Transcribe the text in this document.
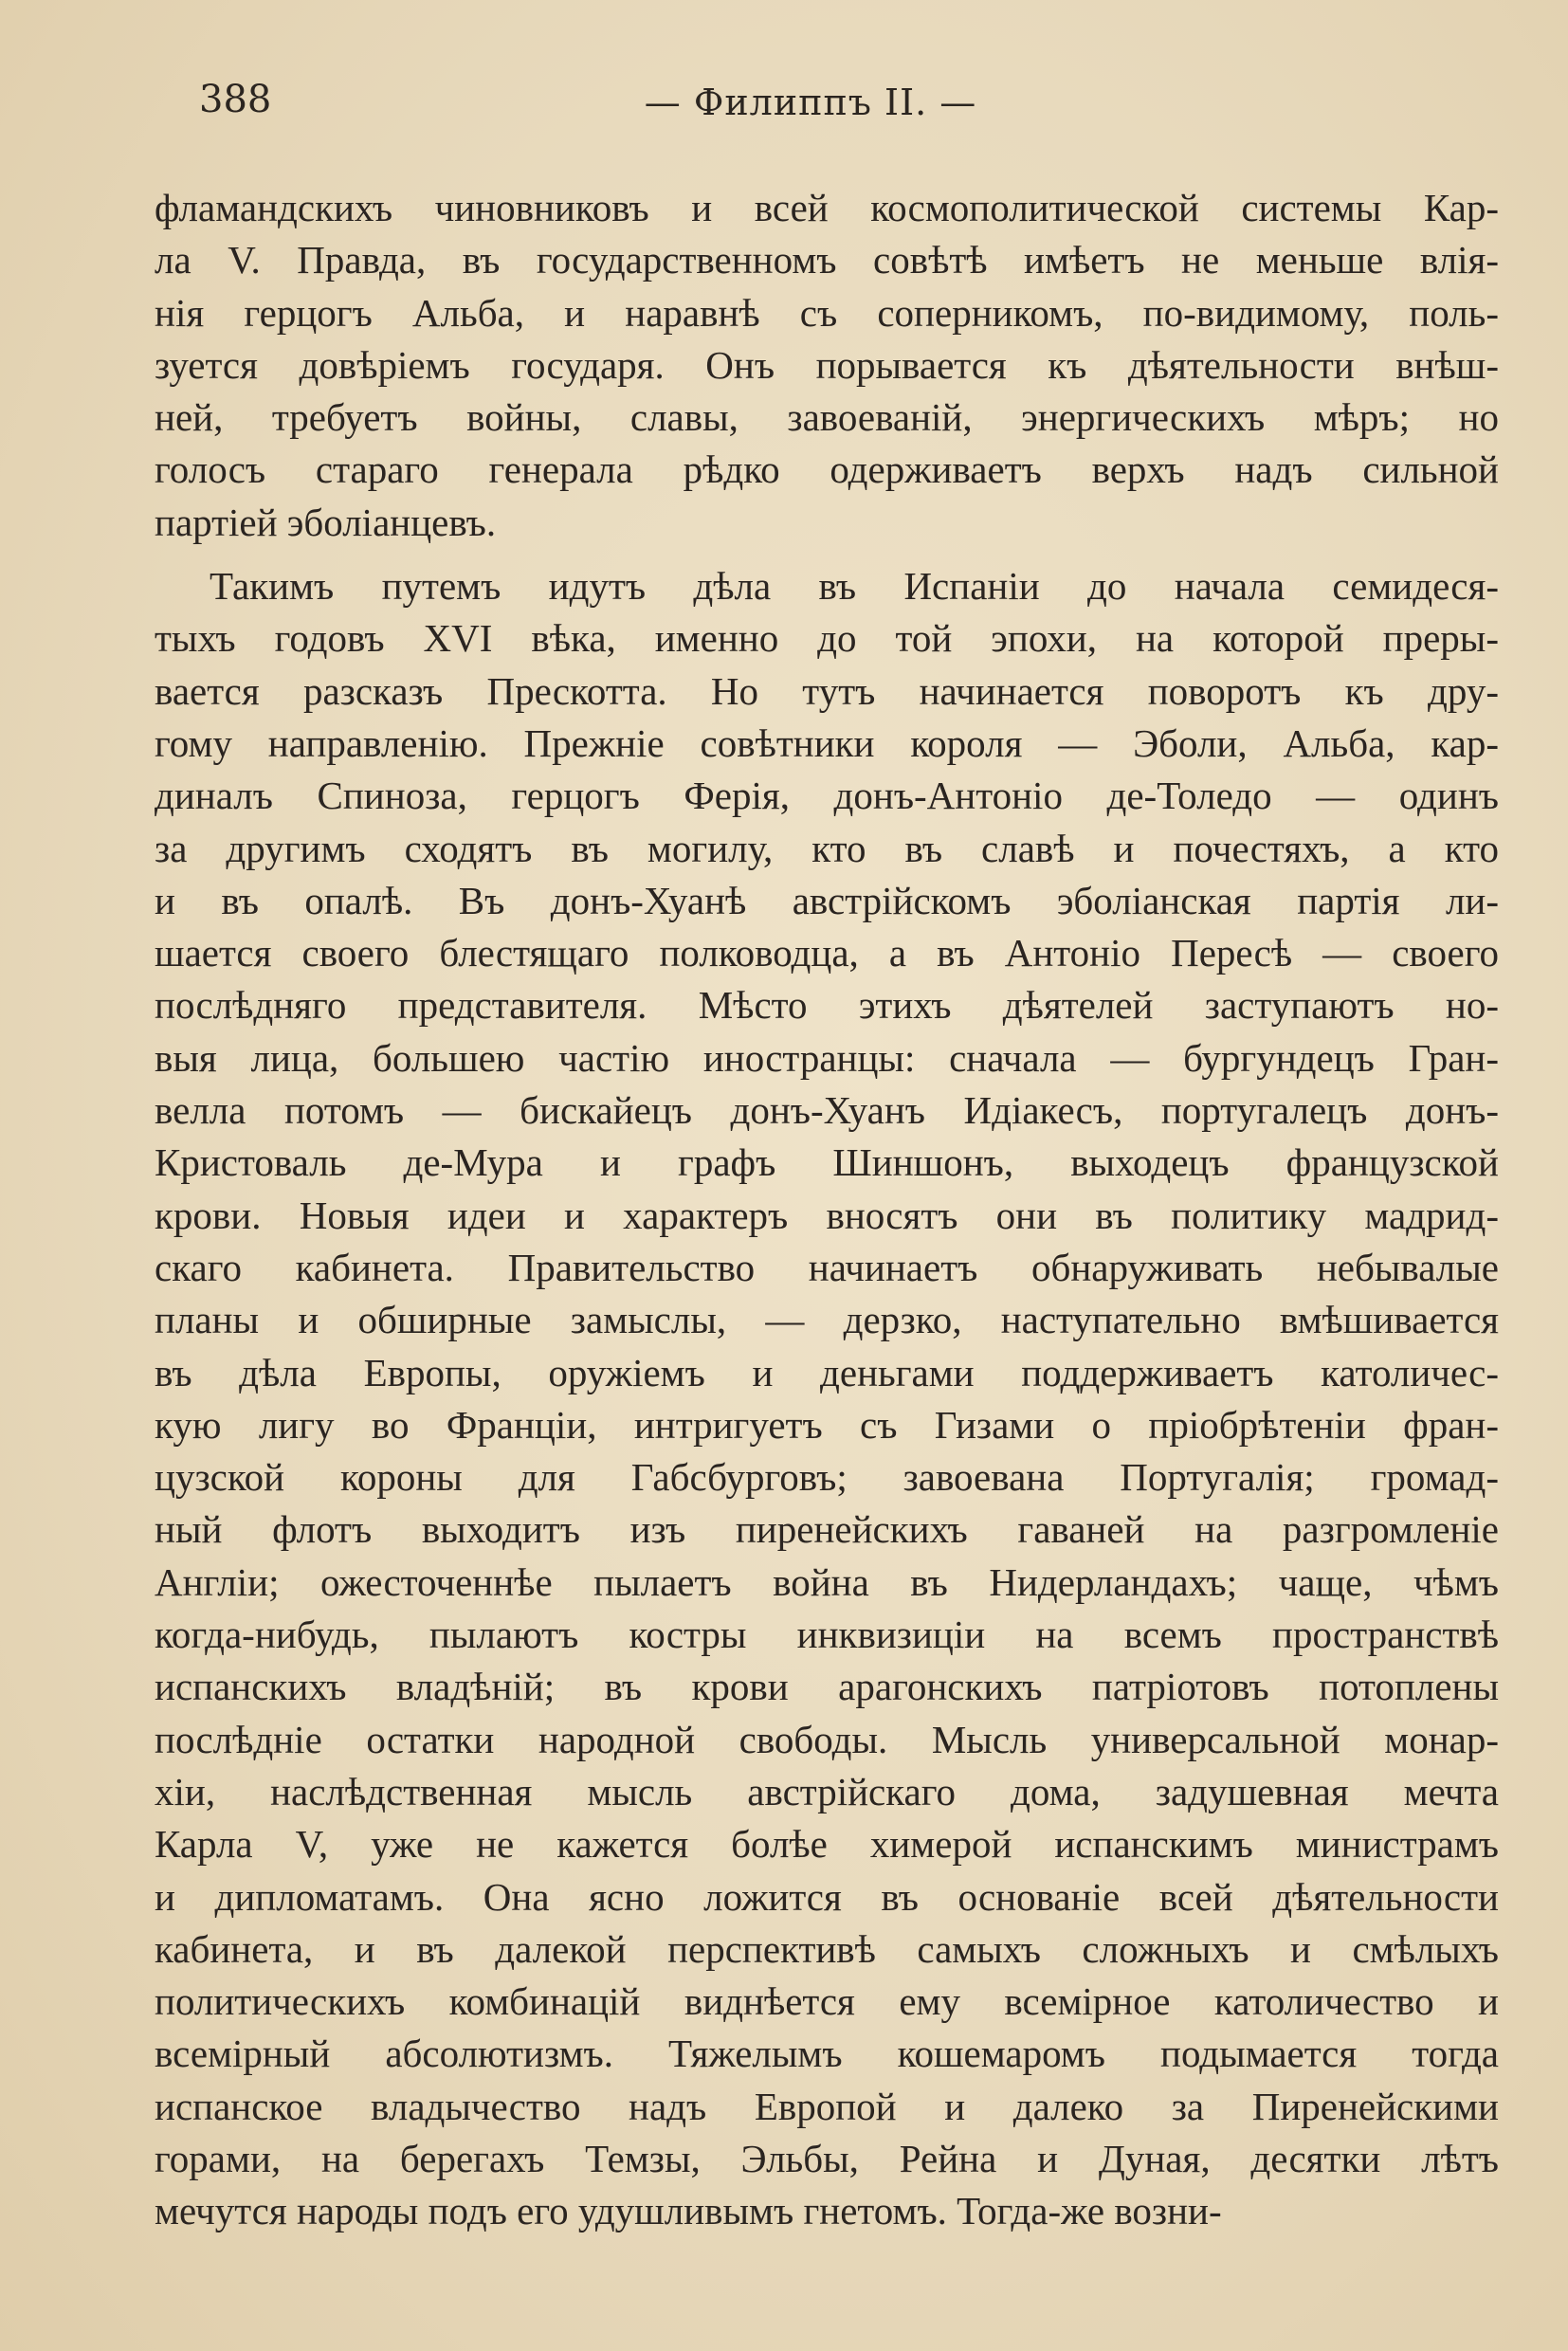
388	— Филиппъ II. —
фламандскихъ чиновниковъ и всей космополитической системы Кар-
ла V. Правда, въ государственномъ совѣтѣ имѣетъ не меньше влія-
нія герцогъ Альба, и наравнѣ съ соперникомъ, по-видимому, поль-
зуется довѣріемъ государя. Онъ порывается къ дѣятельности внѣш-
ней, требуетъ войны, славы, завоеваній, энергическихъ мѣръ; но
голосъ стараго генерала рѣдко одерживаетъ верхъ надъ сильной
партіей эболіанцевъ.
Такимъ путемъ идутъ дѣла въ Испаніи до начала семидеся-
тыхъ годовъ XVI вѣка, именно до той эпохи, на которой преры-
вается разсказъ Прескотта. Но тутъ начинается поворотъ къ дру-
гому направленію. Прежніе совѣтники короля — Эболи, Альба, кар-
диналъ Спиноза, герцогъ Ферія, донъ-Антоніо де-Толедо — одинъ
за другимъ сходятъ въ могилу, кто въ славѣ и почестяхъ, а кто
и въ опалѣ. Въ донъ-Хуанѣ австрійскомъ эболіанская партія ли-
шается своего блестящаго полководца, а въ Антоніо Пересѣ — своего
послѣдняго представителя. Мѣсто этихъ дѣятелей заступаютъ но-
выя лица, большею частію иностранцы: сначала — бургундецъ Гран-
велла потомъ — бискайецъ донъ-Хуанъ Идіакесъ, португалецъ донъ-
Кристоваль де-Мура и графъ Шиншонъ, выходецъ французской
крови. Новыя идеи и характеръ вносятъ они въ политику мадрид-
скаго кабинета. Правительство начинаетъ обнаруживать небывалые
планы и обширные замыслы, — дерзко, наступательно вмѣшивается
въ дѣла Европы, оружіемъ и деньгами поддерживаетъ католичес-
кую лигу во Франціи, интригуетъ съ Гизами о пріобрѣтеніи фран-
цузской короны для Габсбурговъ; завоевана Португалія; громад-
ный флотъ выходитъ изъ пиренейскихъ гаваней на разгромленіе
Англіи; ожесточеннѣе пылаетъ война въ Нидерландахъ; чаще, чѣмъ
когда-нибудь, пылаютъ костры инквизиціи на всемъ пространствѣ
испанскихъ владѣній; въ крови арагонскихъ патріотовъ потоплены
послѣдніе остатки народной свободы. Мысль универсальной монар-
хіи, наслѣдственная мысль австрійскаго дома, задушевная мечта
Карла V, уже не кажется болѣе химерой испанскимъ министрамъ
и дипломатамъ. Она ясно ложится въ основаніе всей дѣятельности
кабинета, и въ далекой перспективѣ самыхъ сложныхъ и смѣлыхъ
политическихъ комбинацій виднѣется ему всемірное католичество и
всемірный абсолютизмъ. Тяжелымъ кошемаромъ подымается тогда
испанское владычество надъ Европой и далеко за Пиренейскими
горами, на берегахъ Темзы, Эльбы, Рейна и Дуная, десятки лѣтъ
мечутся народы подъ его удушливымъ гнетомъ. Тогда-же возни-
